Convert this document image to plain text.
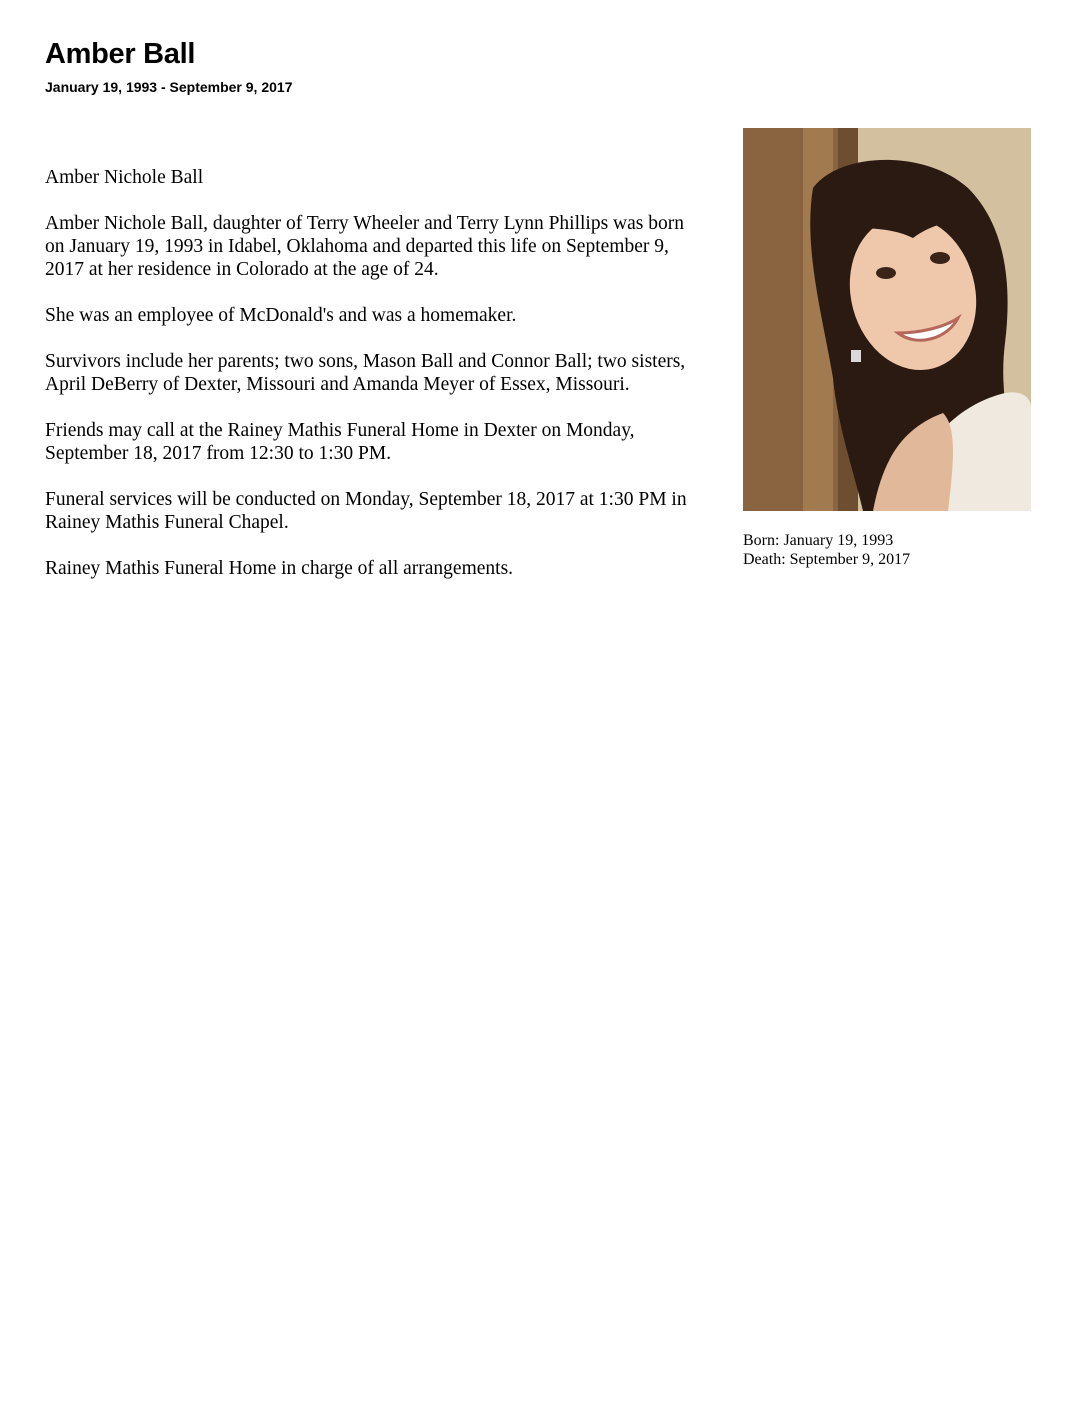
Amber Ball
January 19, 1993 - September 9, 2017

Amber Nichole Ball

Amber Nichole Ball, daughter of Terry Wheeler and Terry Lynn Phillips was born on January 19, 1993 in Idabel, Oklahoma and departed this life on September 9, 2017 at her residence in Colorado at the age of 24.

She was an employee of McDonald's and was a homemaker.

Survivors include her parents; two sons, Mason Ball and Connor Ball; two sisters, April DeBerry of Dexter, Missouri and Amanda Meyer of Essex, Missouri.

Friends may call at the Rainey Mathis Funeral Home in Dexter on Monday, September 18, 2017 from 12:30 to 1:30 PM.

Funeral services will be conducted on Monday, September 18, 2017 at 1:30 PM in Rainey Mathis Funeral Chapel.

Rainey Mathis Funeral Home in charge of all arrangements.

Born: January 19, 1993
Death: September 9, 2017
